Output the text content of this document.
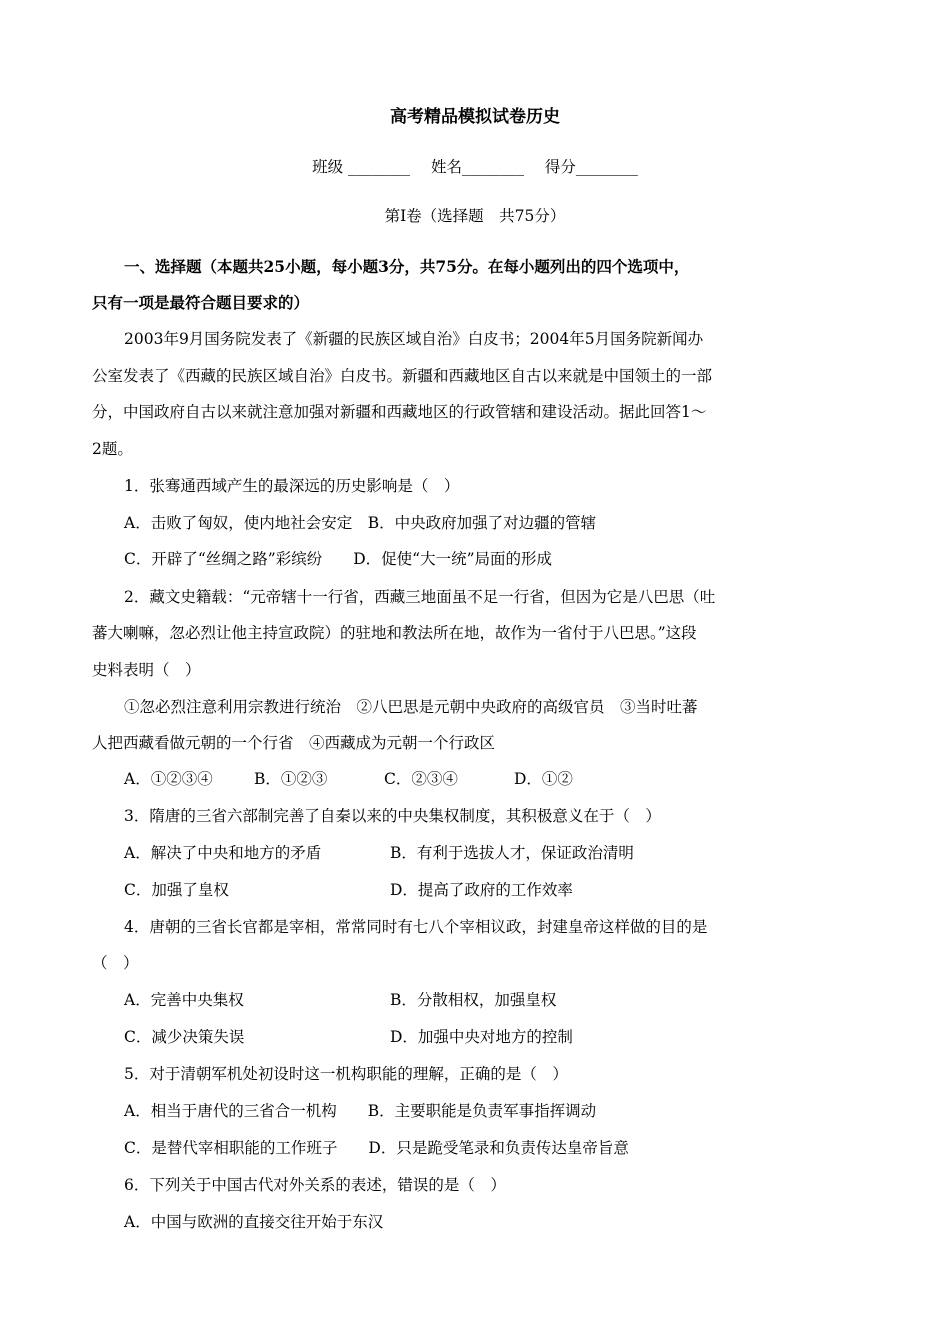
高考精品模拟试卷历史
班级 ________ 姓名________ 得分________
第Ⅰ卷（选择题　共75分）
一、选择题（本题共25小题，每小题3分，共75分。在每小题列出的四个选项中，
只有一项是最符合题目要求的）
2003年9月国务院发表了《新疆的民族区域自治》白皮书；2004年5月国务院新闻办
公室发表了《西藏的民族区域自治》白皮书。新疆和西藏地区自古以来就是中国领土的一部
分，中国政府自古以来就注意加强对新疆和西藏地区的行政管辖和建设活动。据此回答1～
2题。
1．张骞通西域产生的最深远的历史影响是（　）
A．击败了匈奴，使内地社会安定　 B．中央政府加强了对边疆的管辖
C．开辟了“丝绸之路”彩缤纷　　 D．促使“大一统”局面的形成
2．藏文史籍载：“元帝辖十一行省，西藏三地面虽不足一行省，但因为它是八巴思（吐
蕃大喇嘛，忽必烈让他主持宣政院）的驻地和教法所在地，故作为一省付于八巴思。”这段
史料表明（　）
①忽必烈注意利用宗教进行统治　②八巴思是元朝中央政府的高级官员　③当时吐蕃
人把西藏看做元朝的一个行省　④西藏成为元朝一个行政区
A．①②③④	B．①②③	C．②③④	D．①②
3．隋唐的三省六部制完善了自秦以来的中央集权制度，其积极意义在于（　）
A．解决了中央和地方的矛盾	B．有利于选拔人才，保证政治清明
C．加强了皇权	D．提高了政府的工作效率
4．唐朝的三省长官都是宰相，常常同时有七八个宰相议政，封建皇帝这样做的目的是
（　）
A．完善中央集权	B．分散相权，加强皇权
C．减少决策失误	D．加强中央对地方的控制
5．对于清朝军机处初设时这一机构职能的理解，正确的是（　）
A．相当于唐代的三省合一机构　　 B．主要职能是负责军事指挥调动
C．是替代宰相职能的工作班子　　 D．只是跪受笔录和负责传达皇帝旨意
6．下列关于中国古代对外关系的表述，错误的是（　）
A．中国与欧洲的直接交往开始于东汉
